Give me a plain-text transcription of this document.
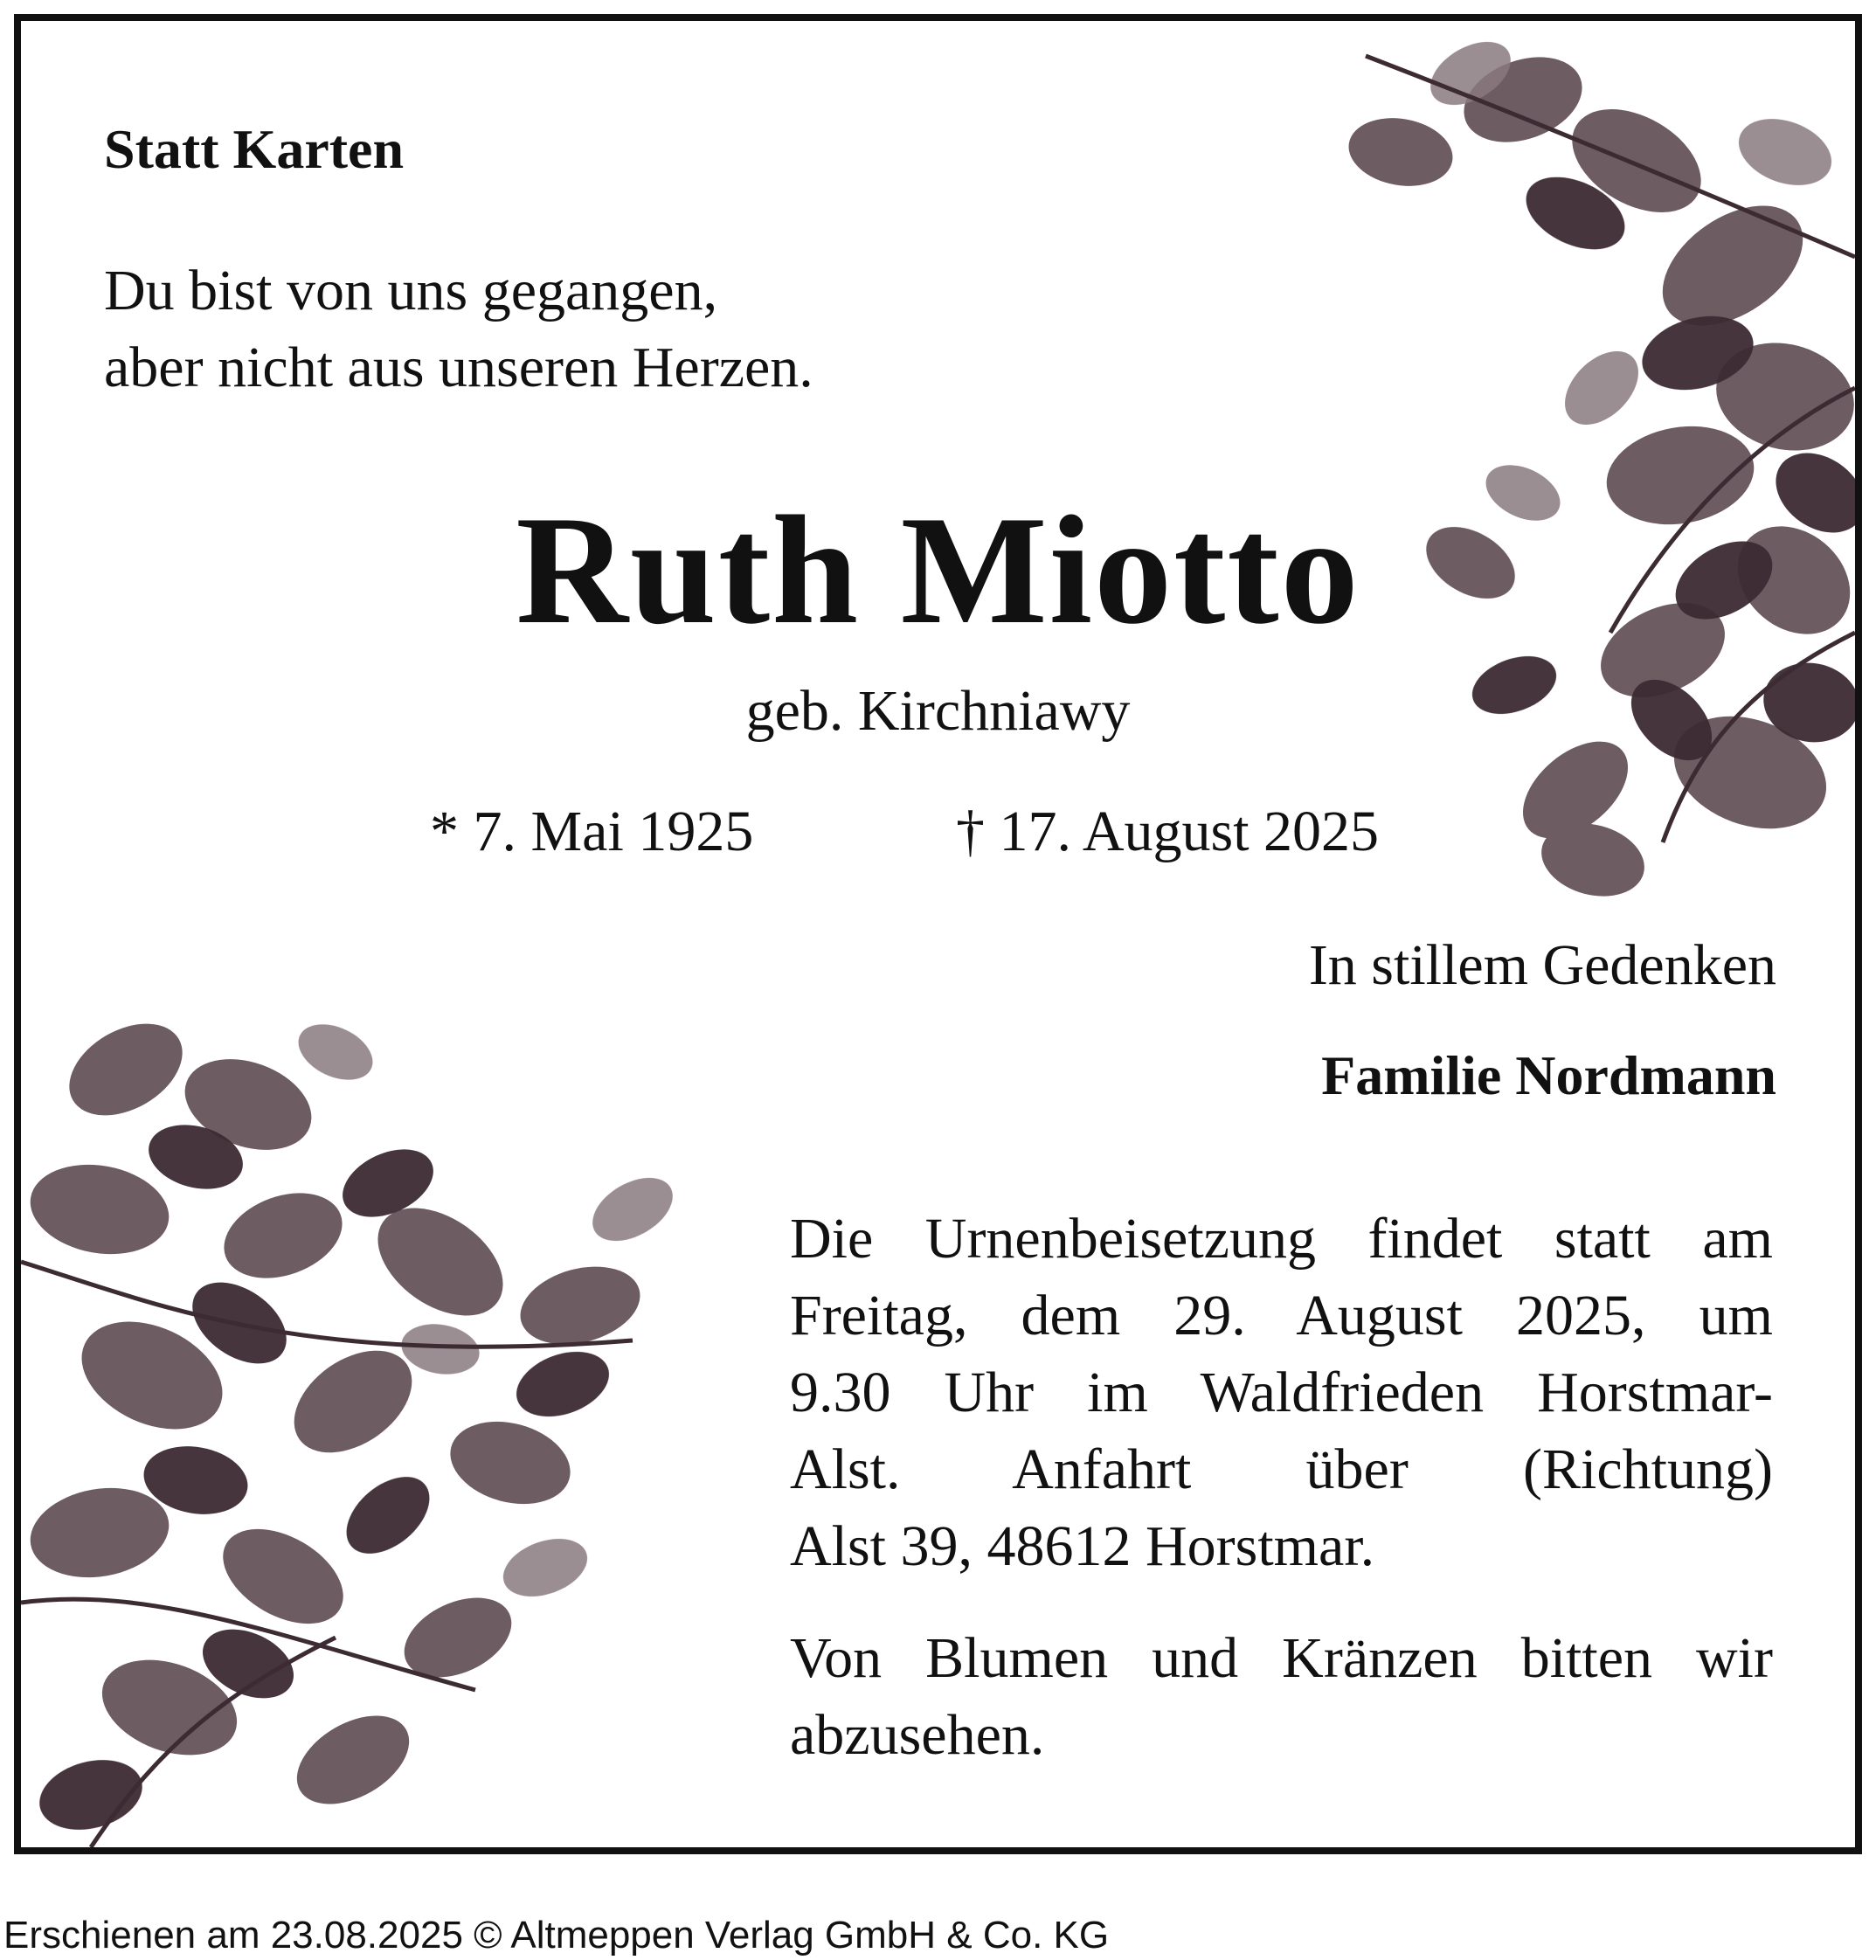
Statt Karten

Du bist von uns gegangen,
aber nicht aus unseren Herzen.

Ruth Miotto

geb. Kirchniawy

* 7. Mai 1925	† 17. August 2025

In stillem Gedenken

Familie Nordmann

Die Urnenbeisetzung findet statt am
Freitag, dem 29. August 2025, um
9.30 Uhr im Waldfrieden Horstmar-
Alst. Anfahrt über (Richtung)
Alst 39, 48612 Horstmar.
Von Blumen und Kränzen bitten wir
abzusehen.
Erschienen am 23.08.2025 © Altmeppen Verlag GmbH & Co. KG
